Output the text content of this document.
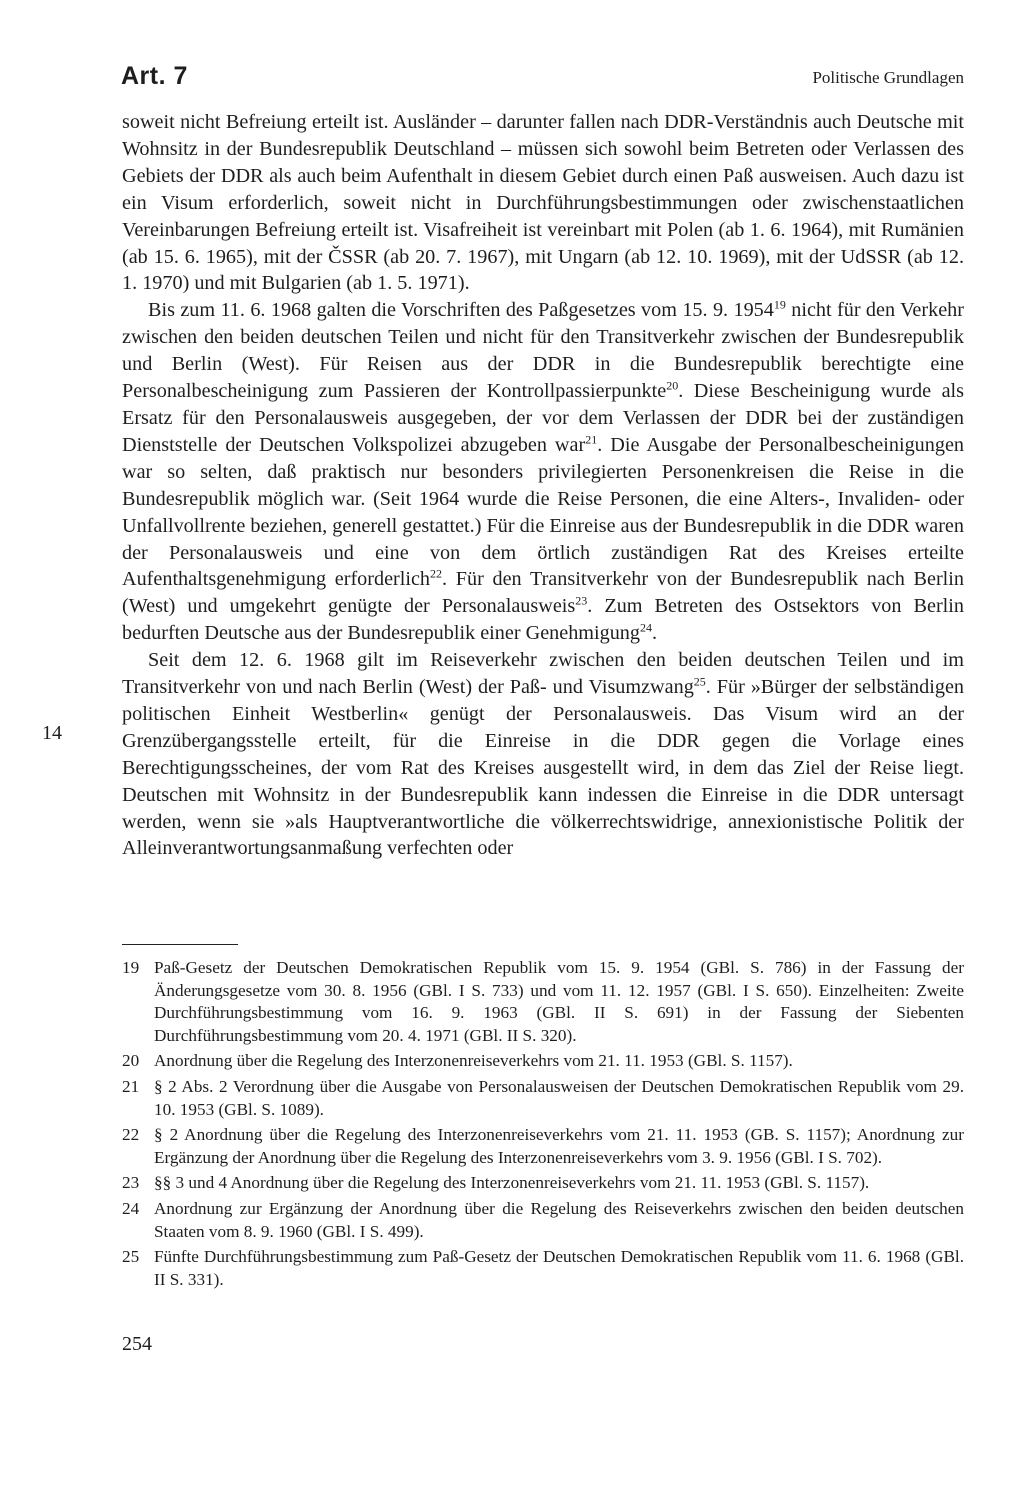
Art. 7	Politische Grundlagen

soweit nicht Befreiung erteilt ist. Ausländer – darunter fallen nach DDR-Verständnis auch Deutsche mit Wohnsitz in der Bundesrepublik Deutschland – müssen sich sowohl beim Betreten oder Verlassen des Gebiets der DDR als auch beim Aufenthalt in diesem Gebiet durch einen Paß ausweisen. Auch dazu ist ein Visum erforderlich, soweit nicht in Durchführungsbestimmungen oder zwischenstaatlichen Vereinbarungen Befreiung erteilt ist. Visafreiheit ist vereinbart mit Polen (ab 1. 6. 1964), mit Rumänien (ab 15. 6. 1965), mit der ČSSR (ab 20. 7. 1967), mit Ungarn (ab 12. 10. 1969), mit der UdSSR (ab 12. 1. 1970) und mit Bulgarien (ab 1. 5. 1971).

Bis zum 11. 6. 1968 galten die Vorschriften des Paßgesetzes vom 15. 9. 1954$^{19}$ nicht für den Verkehr zwischen den beiden deutschen Teilen und nicht für den Transitverkehr zwischen der Bundesrepublik und Berlin (West). Für Reisen aus der DDR in die Bundesrepublik berechtigte eine Personalbescheinigung zum Passieren der Kontrollpassierpunkte$^{20}$. Diese Bescheinigung wurde als Ersatz für den Personalausweis ausgegeben, der vor dem Verlassen der DDR bei der zuständigen Dienststelle der Deutschen Volkspolizei abzugeben war$^{21}$. Die Ausgabe der Personalbescheinigungen war so selten, daß praktisch nur besonders privilegierten Personenkreisen die Reise in die Bundesrepublik möglich war. (Seit 1964 wurde die Reise Personen, die eine Alters-, Invaliden- oder Unfallvollrente beziehen, generell gestattet.) Für die Einreise aus der Bundesrepublik in die DDR waren der Personalausweis und eine von dem örtlich zuständigen Rat des Kreises erteilte Aufenthaltsgenehmigung erforderlich$^{22}$. Für den Transitverkehr von der Bundesrepublik nach Berlin (West) und umgekehrt genügte der Personalausweis$^{23}$. Zum Betreten des Ostsektors von Berlin bedurften Deutsche aus der Bundesrepublik einer Genehmigung$^{24}$.

Seit dem 12. 6. 1968 gilt im Reiseverkehr zwischen den beiden deutschen Teilen und im Transitverkehr von und nach Berlin (West) der Paß- und Visumzwang$^{25}$. Für »Bürger der selbständigen politischen Einheit Westberlin« genügt der Personalausweis. Das Visum wird an der Grenzübergangsstelle erteilt, für die Einreise in die DDR gegen die Vorlage eines Berechtigungsscheines, der vom Rat des Kreises ausgestellt wird, in dem das Ziel der Reise liegt. Deutschen mit Wohnsitz in der Bundesrepublik kann indessen die Einreise in die DDR untersagt werden, wenn sie »als Hauptverantwortliche die völkerrechtswidrige, annexionistische Politik der Alleinverantwortungsanmaßung verfechten oder

14
19 Paß-Gesetz der Deutschen Demokratischen Republik vom 15. 9. 1954 (GBl. S. 786) in der Fassung der Änderungsgesetze vom 30. 8. 1956 (GBl. I S. 733) und vom 11. 12. 1957 (GBl. I S. 650). Einzelheiten: Zweite Durchführungsbestimmung vom 16. 9. 1963 (GBl. II S. 691) in der Fassung der Siebenten Durchführungsbestimmung vom 20. 4. 1971 (GBl. II S. 320).
20 Anordnung über die Regelung des Interzonenreiseverkehrs vom 21. 11. 1953 (GBl. S. 1157).
21 § 2 Abs. 2 Verordnung über die Ausgabe von Personalausweisen der Deutschen Demokratischen Republik vom 29. 10. 1953 (GBl. S. 1089).
22 § 2 Anordnung über die Regelung des Interzonenreiseverkehrs vom 21. 11. 1953 (GB. S. 1157); Anordnung zur Ergänzung der Anordnung über die Regelung des Interzonenreiseverkehrs vom 3. 9. 1956 (GBl. I S. 702).
23 §§ 3 und 4 Anordnung über die Regelung des Interzonenreiseverkehrs vom 21. 11. 1953 (GBl. S. 1157).
24 Anordnung zur Ergänzung der Anordnung über die Regelung des Reiseverkehrs zwischen den beiden deutschen Staaten vom 8. 9. 1960 (GBl. I S. 499).
25 Fünfte Durchführungsbestimmung zum Paß-Gesetz der Deutschen Demokratischen Republik vom 11. 6. 1968 (GBl. II S. 331).
254
